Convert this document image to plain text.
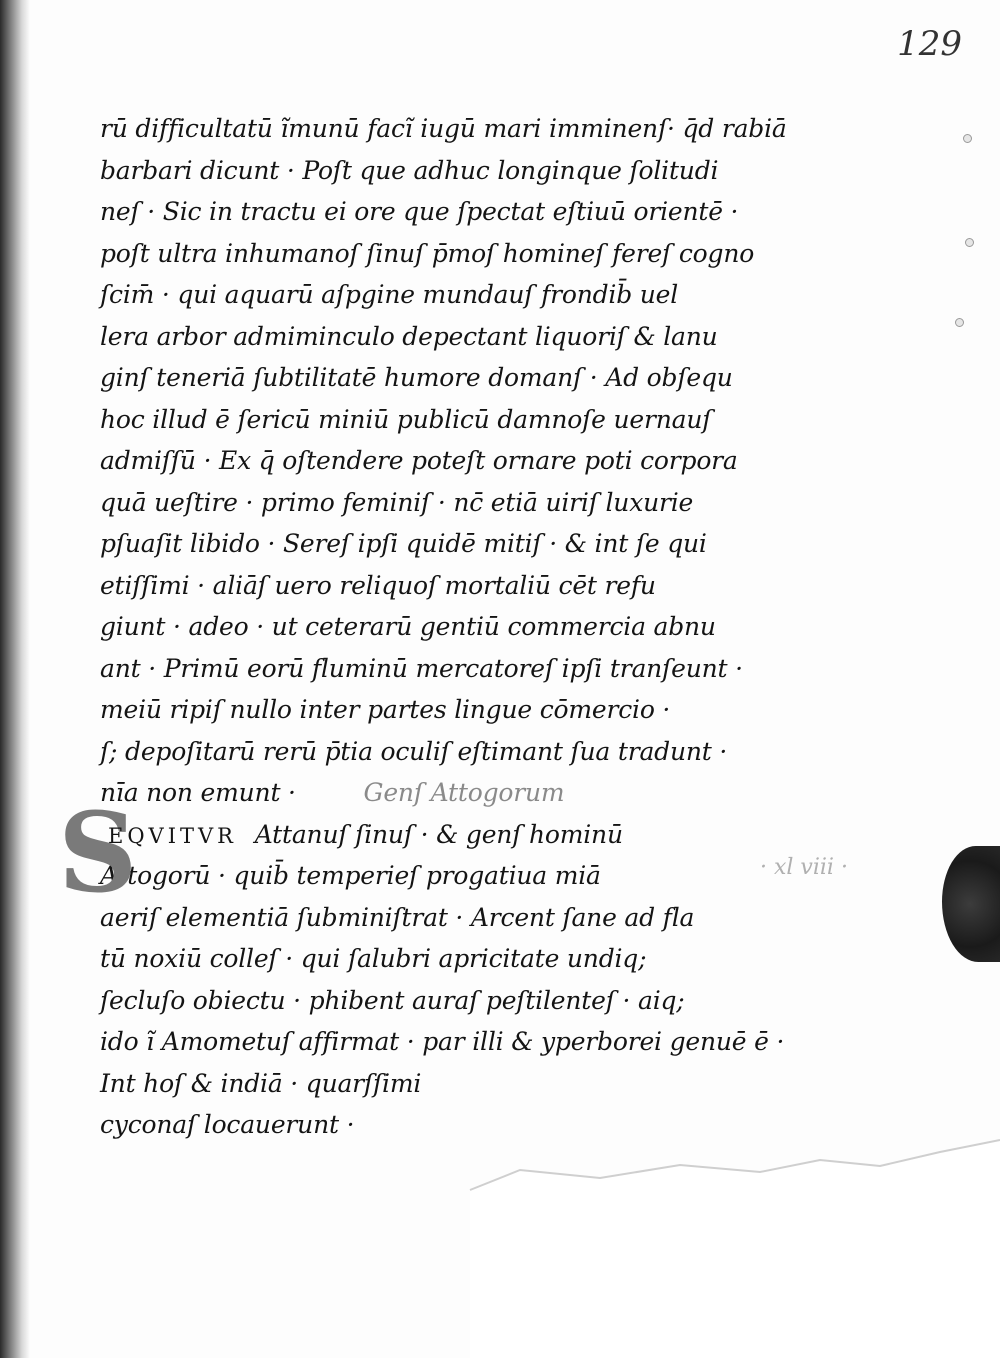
129
rū difficultatū ĩmunū facĩ iugū mari imminenſ· q̄d rabiā
barbari dicunt · Poſt que adhuc longinque ſolitudi
neſ · Sic in tractu ei ore que ſpectat eſtiuū orientē ·
poſt ultra inhumanoſ ſinuſ p̄moſ homineſ fereſ cogno
ſcim̄ · qui aquarū aſpgine mundauſ frondib̄ uel
lera arbor admiminculo depectant liquoriſ & lanu
ginſ teneriā ſubtilitatē humore domanſ · Ad obſequ
hoc illud ē ſericū miniū publicū damnoſe uernauſ
admiſſū · Ex q̄ oſtendere poteſt ornare poti corpora
quā ueſtire · primo feminiſ · nc̄ etiā uiriſ luxurie
pſuaſit libido · Sereſ ipſi quidē mitiſ · & int ſe qui
etiſſimi · aliāſ uero reliquoſ mortaliū cēt refu
giunt · adeo · ut ceterarū gentiū commercia abnu
ant · Primū eorū fluminū mercatoreſ ipſi tranſeunt ·
meiū ripiſ nullo inter partes lingue cōmercio ·
ſ; depoſitarū rerū p̄tia oculiſ eſtimant ſua tradunt ·
nīa non emunt ·	Genſ Attogorum
S
EQVITVR Attanuſ ſinuſ · & genſ hominū
Attogorū · quib̄ temperieſ progatiua miā
aeriſ elementiā ſubminiſtrat · Arcent ſane ad fla
tū noxiū colleſ · qui ſalubri apricitate undiq;
ſecluſo obiectu · phibent auraſ peſtilenteſ · aiq;
ido ĩ Amometuſ affirmat · par illi & yperborei genuē ē ·
Int hoſ & indiā · quarſſimi
cyconaſ locauerunt ·
· xl viii ·
